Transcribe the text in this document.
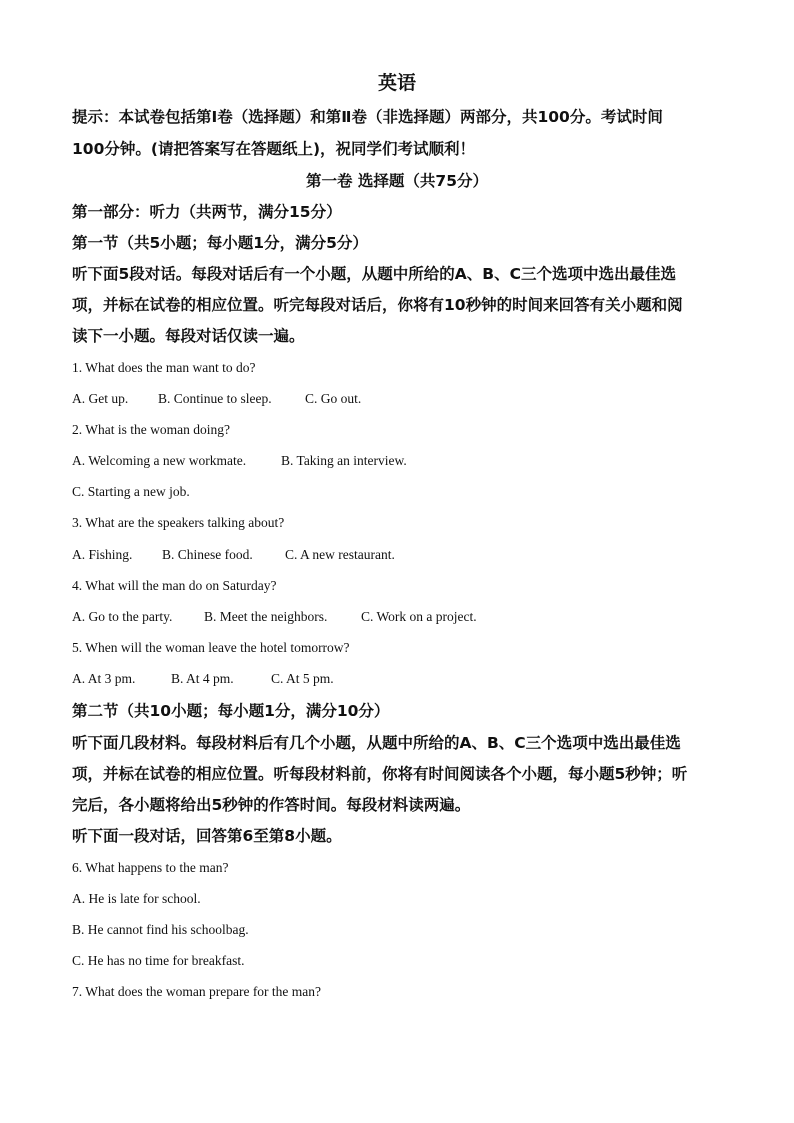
英语
提示：本试卷包括第Ⅰ卷（选择题）和第Ⅱ卷（非选择题）两部分，共100分。考试时间
100分钟。(请把答案写在答题纸上)，祝同学们考试顺利！
第一卷 选择题（共75分）
第一部分：听力（共两节，满分15分）
第一节（共5小题；每小题1分，满分5分）
听下面5段对话。每段对话后有一个小题，从题中所给的A、B、C三个选项中选出最佳选
项，并标在试卷的相应位置。听完每段对话后，你将有10秒钟的时间来回答有关小题和阅
读下一小题。每段对话仅读一遍。
1. What does the man want to do?
A. Get up.	B. Continue to sleep.	C. Go out.
2. What is the woman doing?
A. Welcoming a new workmate.	B. Taking an interview.
C. Starting a new job.
3. What are the speakers talking about?
A. Fishing.	B. Chinese food.	C. A new restaurant.
4. What will the man do on Saturday?
A. Go to the party.	B. Meet the neighbors.	C. Work on a project.
5. When will the woman leave the hotel tomorrow?
A. At 3 pm.	B. At 4 pm.	C. At 5 pm.
第二节（共10小题；每小题1分，满分10分）
听下面几段材料。每段材料后有几个小题，从题中所给的A、B、C三个选项中选出最佳选
项，并标在试卷的相应位置。听每段材料前，你将有时间阅读各个小题，每小题5秒钟；听
完后，各小题将给出5秒钟的作答时间。每段材料读两遍。
听下面一段对话，回答第6至第8小题。
6. What happens to the man?
A. He is late for school.
B. He cannot find his schoolbag.
C. He has no time for breakfast.
7. What does the woman prepare for the man?
